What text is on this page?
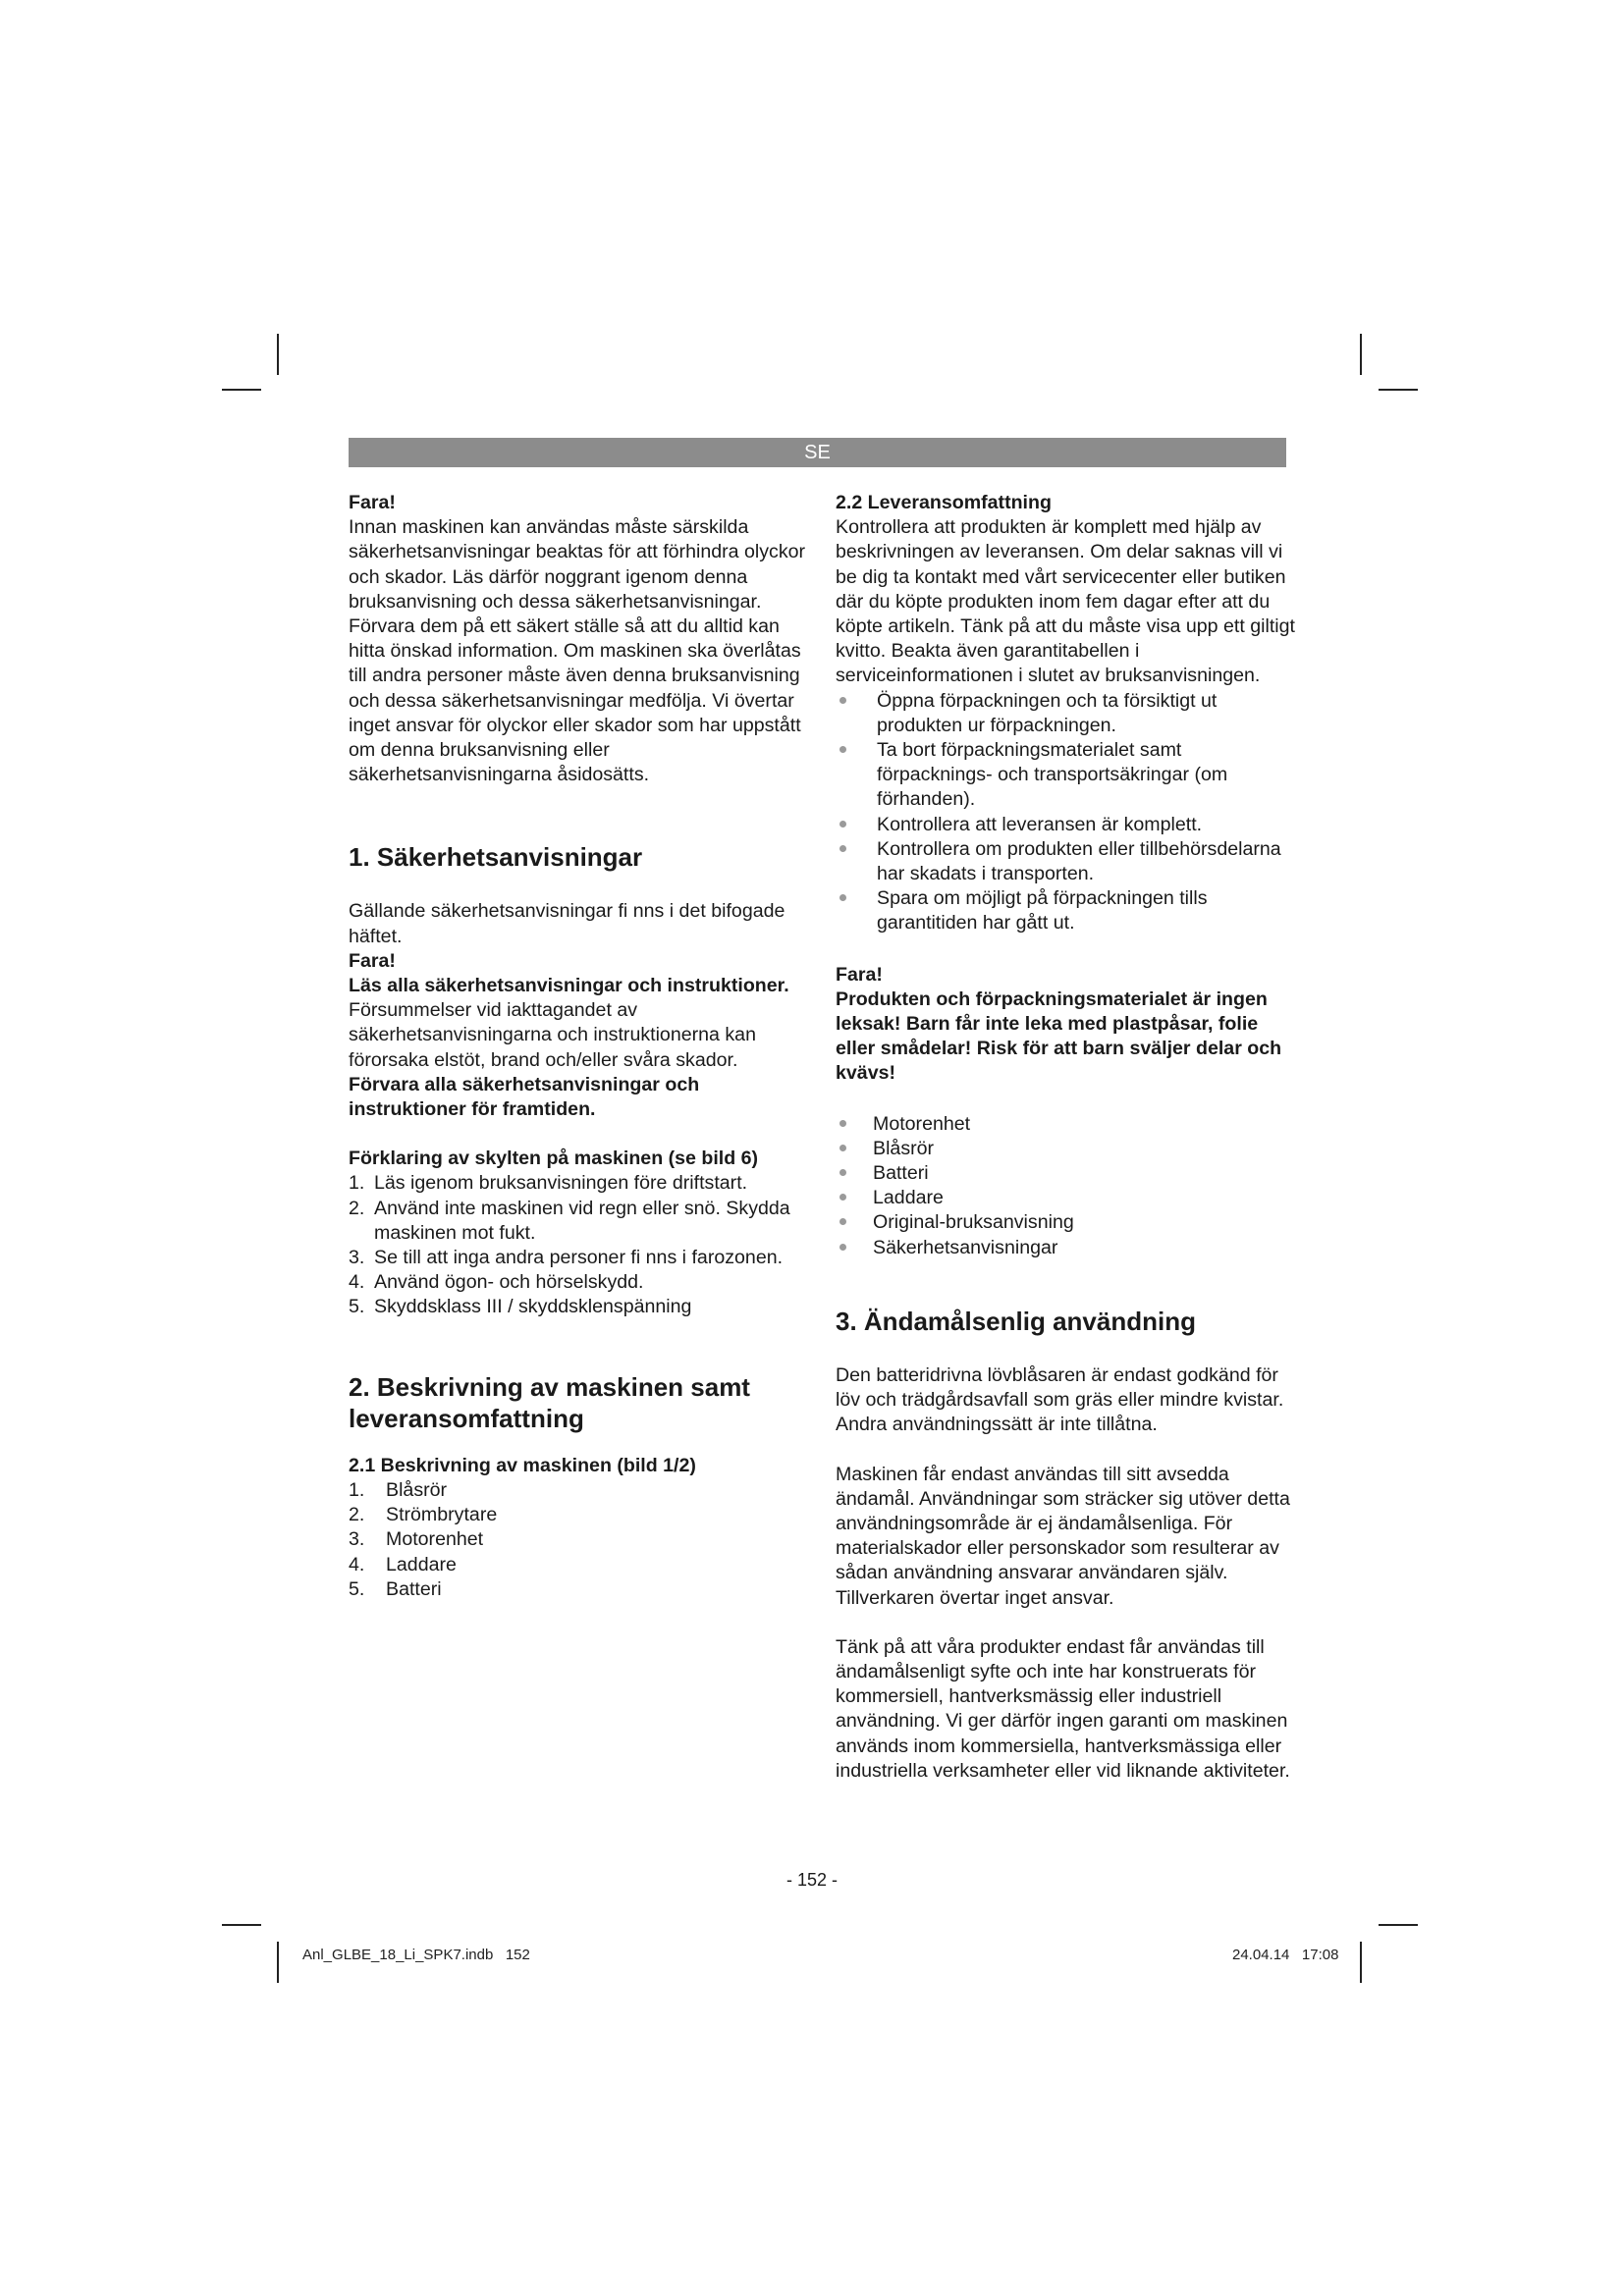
SE

Fara!

Innan maskinen kan användas måste särskilda säkerhetsanvisningar beaktas för att förhindra olyckor och skador. Läs därför noggrant igenom denna bruksanvisning och dessa säkerhetsanvisningar. Förvara dem på ett säkert ställe så att du alltid kan hitta önskad information. Om maskinen ska överlåtas till andra personer måste även denna bruksanvisning och dessa säkerhetsanvisningar medfölja. Vi övertar inget ansvar för olyckor eller skador som har uppstått om denna bruksanvisning eller säkerhetsanvisningarna åsidosätts.

1. Säkerhetsanvisningar

Gällande säkerhetsanvisningar fi nns i det bifogade häftet.

Fara!

Läs alla säkerhetsanvisningar och instruktioner. Försummelser vid iakttagandet av säkerhetsanvisningarna och instruktionerna kan förorsaka elstöt, brand och/eller svåra skador. Förvara alla säkerhetsanvisningar och instruktioner för framtiden.

Förklaring av skylten på maskinen (se bild 6)

1. Läs igenom bruksanvisningen före driftstart.
2. Använd inte maskinen vid regn eller snö. Skydda maskinen mot fukt.
3. Se till att inga andra personer fi nns i farozonen.
4. Använd ögon- och hörselskydd.
5. Skyddsklass III / skyddsklenspänning
2. Beskrivning av maskinen samt leveransomfattning

2.1 Beskrivning av maskinen (bild 1/2)

1. Blåsrör
2. Strömbrytare
3. Motorenhet
4. Laddare
5. Batteri

2.2 Leveransomfattning

Kontrollera att produkten är komplett med hjälp av beskrivningen av leveransen. Om delar saknas vill vi be dig ta kontakt med vårt servicecenter eller butiken där du köpte produkten inom fem dagar efter att du köpte artikeln. Tänk på att du måste visa upp ett giltigt kvitto. Beakta även garantitabellen i serviceinformationen i slutet av bruksanvisningen.

Öppna förpackningen och ta försiktigt ut produkten ur förpackningen.
Ta bort förpackningsmaterialet samt förpacknings- och transportsäkringar (om förhanden).
Kontrollera att leveransen är komplett.
Kontrollera om produkten eller tillbehörsdelarna har skadats i transporten.
Spara om möjligt på förpackningen tills garantitiden har gått ut.

Fara!

Produkten och förpackningsmaterialet är ingen leksak! Barn får inte leka med plastpåsar, folie eller smådelar! Risk för att barn sväljer delar och kvävs!

Motorenhet
Blåsrör
Batteri
Laddare
Original-bruksanvisning
Säkerhetsanvisningar
3. Ändamålsenlig användning

Den batteridrivna lövblåsaren är endast godkänd för löv och trädgårdsavfall som gräs eller mindre kvistar. Andra användningssätt är inte tillåtna.

Maskinen får endast användas till sitt avsedda ändamål. Användningar som sträcker sig utöver detta användningsområde är ej ändamålsenliga. För materialskador eller personskador som resulterar av sådan användning ansvarar användaren själv. Tillverkaren övertar inget ansvar.

Tänk på att våra produkter endast får användas till ändamålsenligt syfte och inte har konstruerats för kommersiell, hantverksmässig eller industriell användning. Vi ger därför ingen garanti om maskinen används inom kommersiella, hantverksmässiga eller industriella verksamheter eller vid liknande aktiviteter.

- 152 -
Anl_GLBE_18_Li_SPK7.indb   152	24.04.14   17:08
